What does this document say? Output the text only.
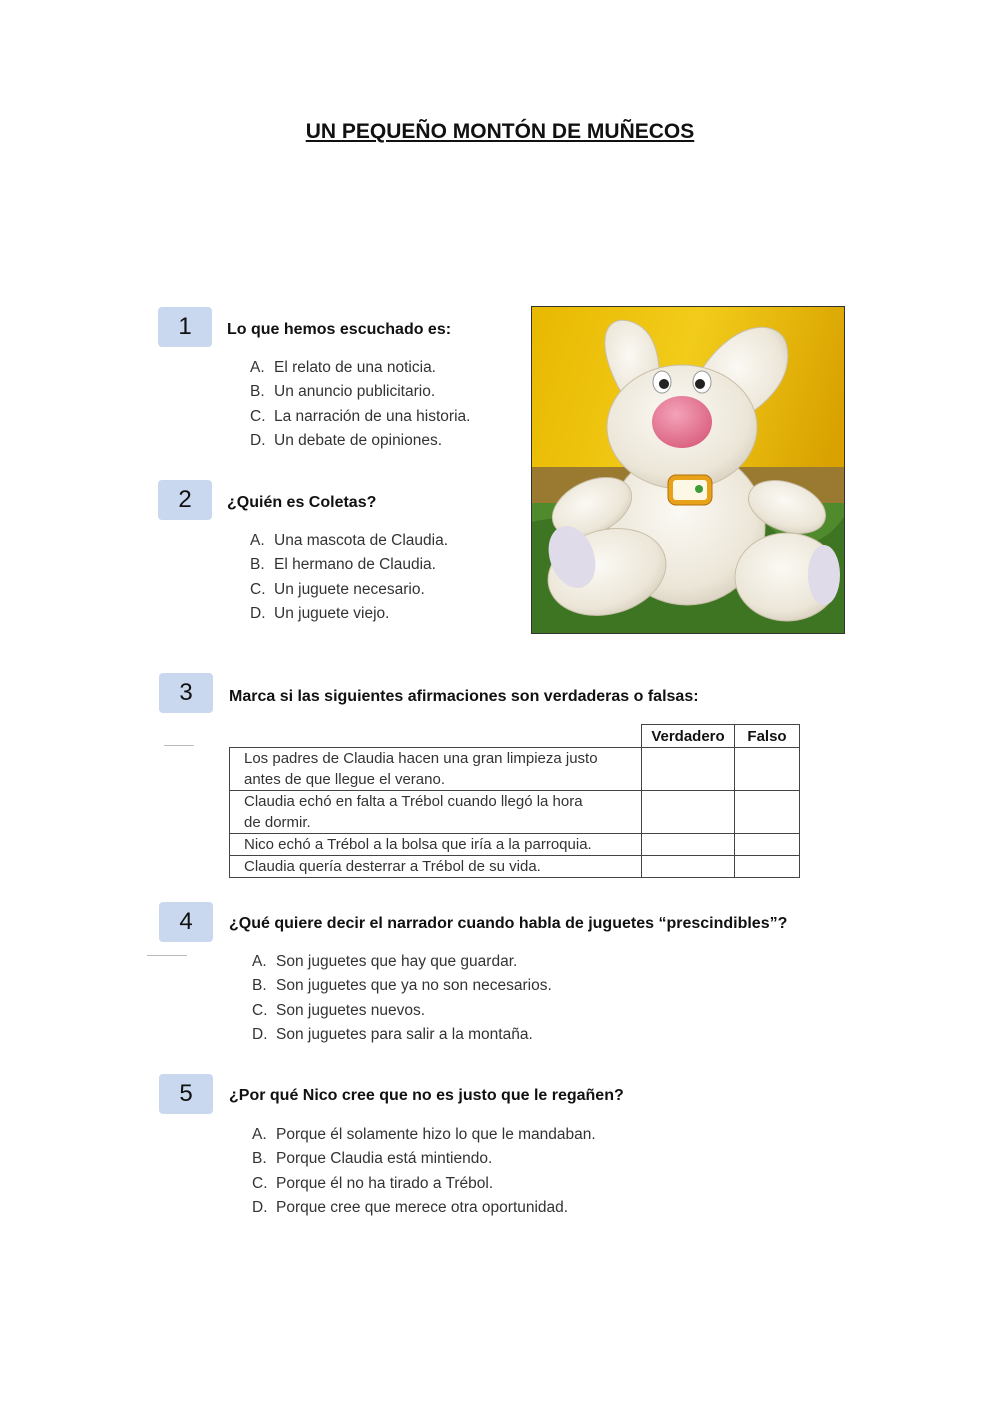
UN PEQUEÑO MONTÓN DE MUÑECOS
1	Lo que hemos escuchado es:
A. El relato de una noticia.
B. Un anuncio publicitario.
C. La narración de una historia.
D. Un debate de opiniones.
2	¿Quién es Coletas?
A. Una mascota de Claudia.
B. El hermano de Claudia.
C. Un juguete necesario.
D. Un juguete viejo.
3	Marca si las siguientes afirmaciones son verdaderas o falsas:
	Verdadero	Falso

Los padres de Claudia hacen una gran limpieza justo
antes de que llegue el verano.		

Claudia echó en falta a Trébol cuando llegó la hora
de dormir.		

Nico echó a Trébol a la bolsa que iría a la parroquia.		

Claudia quería desterrar a Trébol de su vida.		

4	¿Qué quiere decir el narrador cuando habla de juguetes “prescindibles”?
A. Son juguetes que hay que guardar.
B. Son juguetes que ya no son necesarios.
C. Son juguetes nuevos.
D. Son juguetes para salir a la montaña.
5	¿Por qué Nico cree que no es justo que le regañen?
A. Porque él solamente hizo lo que le mandaban.
B. Porque Claudia está mintiendo.
C. Porque él no ha tirado a Trébol.
D. Porque cree que merece otra oportunidad.
